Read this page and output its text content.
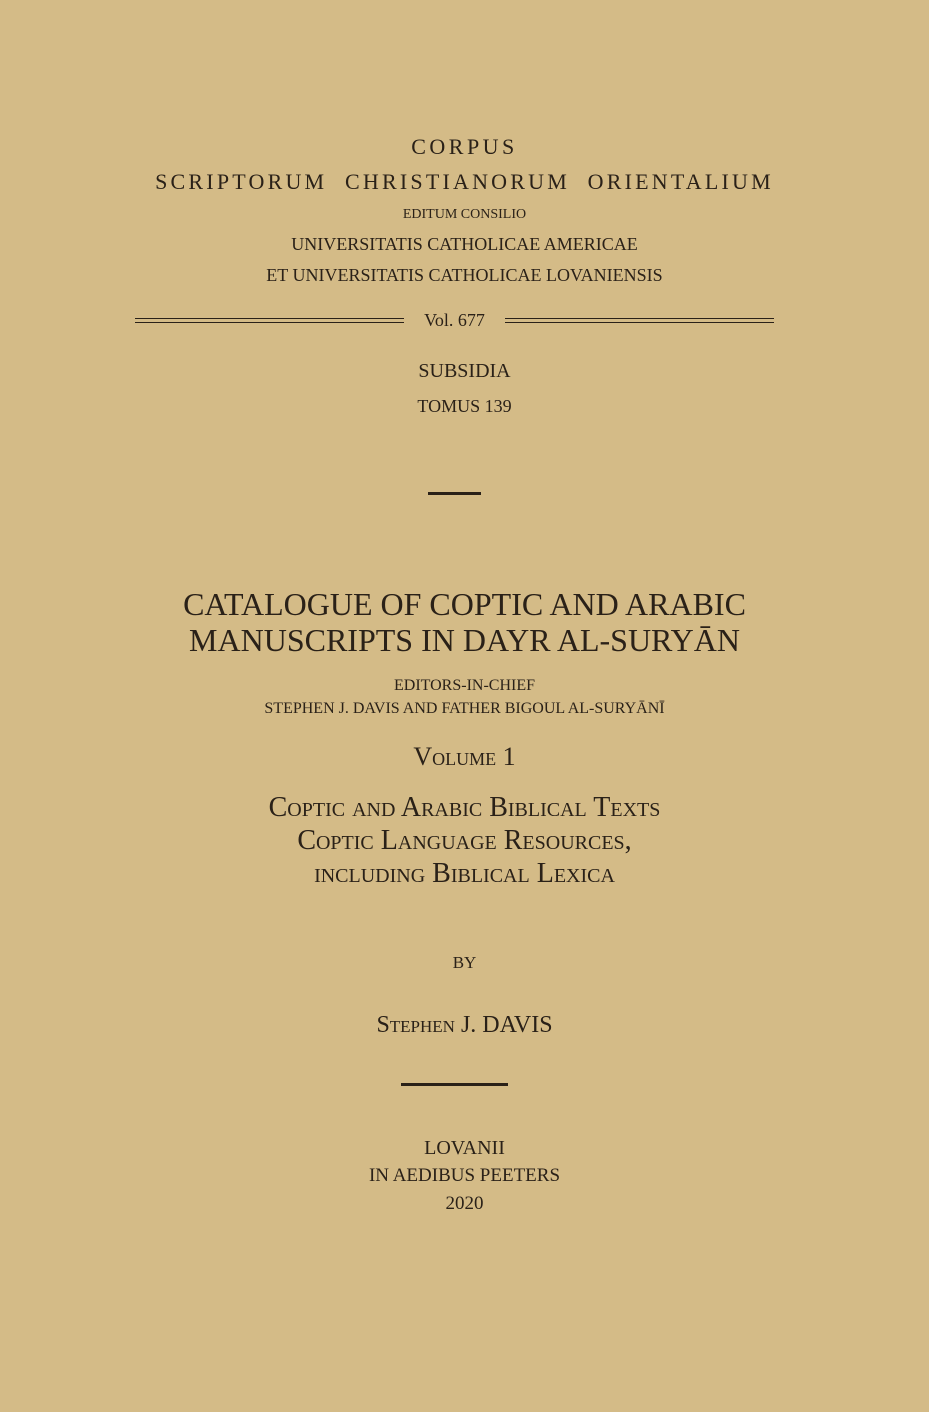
CORPUS
SCRIPTORUM CHRISTIANORUM ORIENTALIUM
EDITUM CONSILIO
UNIVERSITATIS CATHOLICAE AMERICAE
ET UNIVERSITATIS CATHOLICAE LOVANIENSIS
Vol. 677
SUBSIDIA
TOMUS 139
CATALOGUE OF COPTIC AND ARABIC
MANUSCRIPTS IN DAYR AL-SURYĀN
EDITORS-IN-CHIEF
STEPHEN J. DAVIS AND FATHER BIGOUL AL-SURYĀNĪ
Volume 1
Coptic and Arabic Biblical Texts
Coptic Language Resources,
including Biblical Lexica
BY
Stephen J. DAVIS
LOVANII
IN AEDIBUS PEETERS
2020
